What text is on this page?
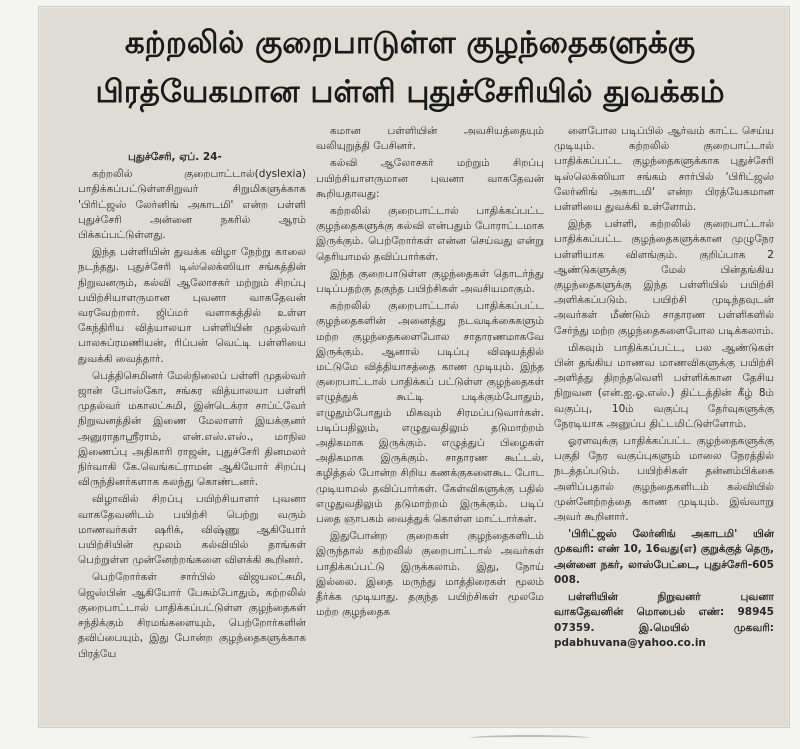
கற்றலில் குறைபாடுள்ள குழந்தைகளுக்கு
பிரத்யேகமான பள்ளி புதுச்சேரியில் துவக்கம்

புதுச்சேரி, ஏப். 24-

கற்றலில் குறைபாட்டால்(dyslexia) பாதிக்கப்பட்டுள்ளசிறுவர் சிறுமிகளுக்காக 'பிரிட்ஜஸ் லேர்னிங் அகாடமி' என்ற பள்ளி புதுச்சேரி அன்னை நகரில் ஆரம் பிக்கப்பட்டுள்ளது.

இந்த பள்ளியின் துவக்க விழா நேற்று காலை நடந்தது. புதுச்சேரி டிஸ்லெக்ஸியா சங்கத்தின் நிறுவனரும், கல்வி ஆலோசகர் மற்றும் சிறப்பு பயிற்சியாளருமான புவனா வாகதேவன் வரவேற்றார். ஜிப்மர் வளாகத்தில் உள்ள கேந்திரிய வித்யாலயா பள்ளியின் முதல்வர் பாலசுப்ரமணியன், ரிப்பன் வெட்டி பள்ளியை துவக்கி வைத்தார்.

பெத்திசெமினர் மேல்நிலைப் பள்ளி முதல்வர் ஜான் போஸ்கோ, சங்கர வித்யாலயா பள்ளி முதல்வர் மகாலட்சுமி, இன்டெக்ரா சாப்ட்வேர் நிறுவனத்தின் இணை மேலாளர் இயக்குனர் அனுராதாஸ்ரீராம், என்.எஸ்.எஸ்., மாநில இணைப்பு அதிகாரி ராஜன், புதுச்சேரி தினமலர் நிர்வாகி கே.வெங்கட்ராமன் ஆகியோர் சிறப்பு விருந்தினர்களாக கலந்து கொண்டனர்.

விழாவில் சிறப்பு பயிற்சியாளர் புவனா வாகதேவனிடம் பயிற்சி பெற்று வரும் மாணவர்கள் ஷரிக், விஷ்ணு ஆகியோர் பயிற்சியின் மூலம் கல்வியில் தாங்கள் பெற்றுள்ள முன்னேற்றங்களை விளக்கி கூறினர்.

பெற்றோர்கள் சார்பில் விஜயலட்சுமி, ஜெஸ்பின் ஆகியோர் பேசும்போதும், கற்றலில் குறைபாட்டால் பாதிக்கப்பட்டுள்ள குழந்தைகள் சந்திக்கும் சிரமங்களையும், பெற்றோர்களின் தவிப்பையும், இது போன்ற குழந்தைகளுக்காக பிரத்யே

கமான பள்ளியின் அவசியத்தையும் வலியுறுத்தி பேசினர்.

கல்வி ஆலோசகர் மற்றும் சிறப்பு பயிற்சியாளருமான புவனா வாகதேவன் கூறியதாவது:

கற்றலில் குறைபாட்டால் பாதிக்கப்பட்ட குழந்தைகளுக்கு கல்வி என்பதும் போராட்டமாக இருக்கும். பெற்றோர்கள் என்ன செய்வது என்று தெரியாமல் தவிப்பார்கள்.

இந்த குறைபாடுள்ள குழந்தைகள் தொடர்ந்து படிப்பதற்கு தகுந்த பயிற்சிகள் அவசியமாகும்.

கற்றலில் குறைபாட்டால் பாதிக்கப்பட்ட குழந்தைகளின் அனைத்து நடவடிக்கைகளும் மற்ற குழந்தைகளைபோல சாதாரணமாகவே இருக்கும். ஆனால் படிப்பு விஷயத்தில் மட்டுமே வித்தியாசத்தை காண முடியும். இந்த குறைபாட்டால் பாதிக்கப் பட்டுள்ள குழந்தைகள் எழுத்துக் கூட்டி படிக்கும்போதும், எழுதும்போதும் மிகவும் சிரமப்படுவார்கள். படிப்பதிலும், எழுதுவதிலும் தடுமாற்றம் அதிகமாக இருக்கும். எழுத்துப் பிழைகள் அதிகமாக இருக்கும். சாதாரண கூட்டல், கழித்தல் போன்ற சிறிய கணக்குகளைகூட போட முடியாமல் தவிப்பார்கள். கேள்விகளுக்கு பதில் எழுதுவதிலும் தடுமாற்றம் இருக்கும். படிப் பதை ஞாபகம் வைத்துக் கொள்ள மாட்டார்கள்.

இதுபோன்ற குறைகள் குழந்தைகளிடம் இருந்தால் கற்றலில் குறைபாட்டால் அவர்கள் பாதிக்கப்பட்டு இருக்கலாம். இது, நோய் இல்லை. இதை மருந்து மாத்திரைகள் மூலம் தீர்க்க முடியாது. தகுந்த பயிற்சிகள் மூலமே மற்ற குழந்தைக

ளைபோல படிப்பில் ஆர்வம் காட்ட செய்ய முடியும். கற்றலில் குறைபாட்டால் பாதிக்கப்பட்ட குழந்தைகளுக்காக புதுச்சேரி டிஸ்லெக்ஸியா சங்கம் சார்பில் 'பிரிட்ஜஸ் லேர்னிங் அகாடமி' என்ற பிரத்யேகமான பள்ளியை துவக்கி உள்ளோம்.

இந்த பள்ளி, கற்றலில் குறைபாட்டால் பாதிக்கப்பட்ட குழந்தைகளுக்கான முழுநேர பள்ளியாக விளங்கும். குறிப்பாக 2 ஆண்டுகளுக்கு மேல் பின்தங்கிய குழந்தைகளுக்கு இந்த பள்ளியில் பயிற்சி அளிக்கப்படும். பயிற்சி முடிந்தவுடன் அவர்கள் மீண்டும் சாதாரண பள்ளிகளில் சேர்ந்து மற்ற குழந்தைகளைபோல படிக்கலாம்.

மிகவும் பாதிக்கப்பட்ட, பல ஆண்டுகள் பின் தங்கிய மாணவ மாணவிகளுக்கு பயிற்சி அளித்து திறந்தவெளி பள்ளிக்கான தேசிய நிறுவன (என்.ஐ.ஓ.எஸ்.) திட்டத்தின் கீழ் 8ம் வகுப்பு, 10ம் வகுப்பு தேர்வுகளுக்கு நேரடியாக அனுப்ப திட்டமிட்டுள்ளோம்.

ஓரளவுக்கு பாதிக்கப்பட்ட குழந்தைகளுக்கு பகுதி நேர வகுப்புகளும் மாலை நேரத்தில் நடத்தப்படும். பயிற்சிகள் தன்னம்பிக்கை அளிப்பதால் குழந்தைகளிடம் கல்வியில் முன்னேற்றத்தை காண முடியும். இவ்வாறு அவர் கூறினார்.

'பிரிட்ஜஸ் லேர்னிங் அகாடமி' யின் முகவரி: எண் 10, 16வது(எ) குறுக்குத் தெரு, அன்னை நகர், லாஸ்பேட்டை, புதுச்சேரி-605 008.

பள்ளியின் நிறுவனர் புவனா வாகதேவனின் மொபைல் எண்: 98945 07359. இ.மெயில் முகவரி: pdabhuvana@yahoo.co.in
